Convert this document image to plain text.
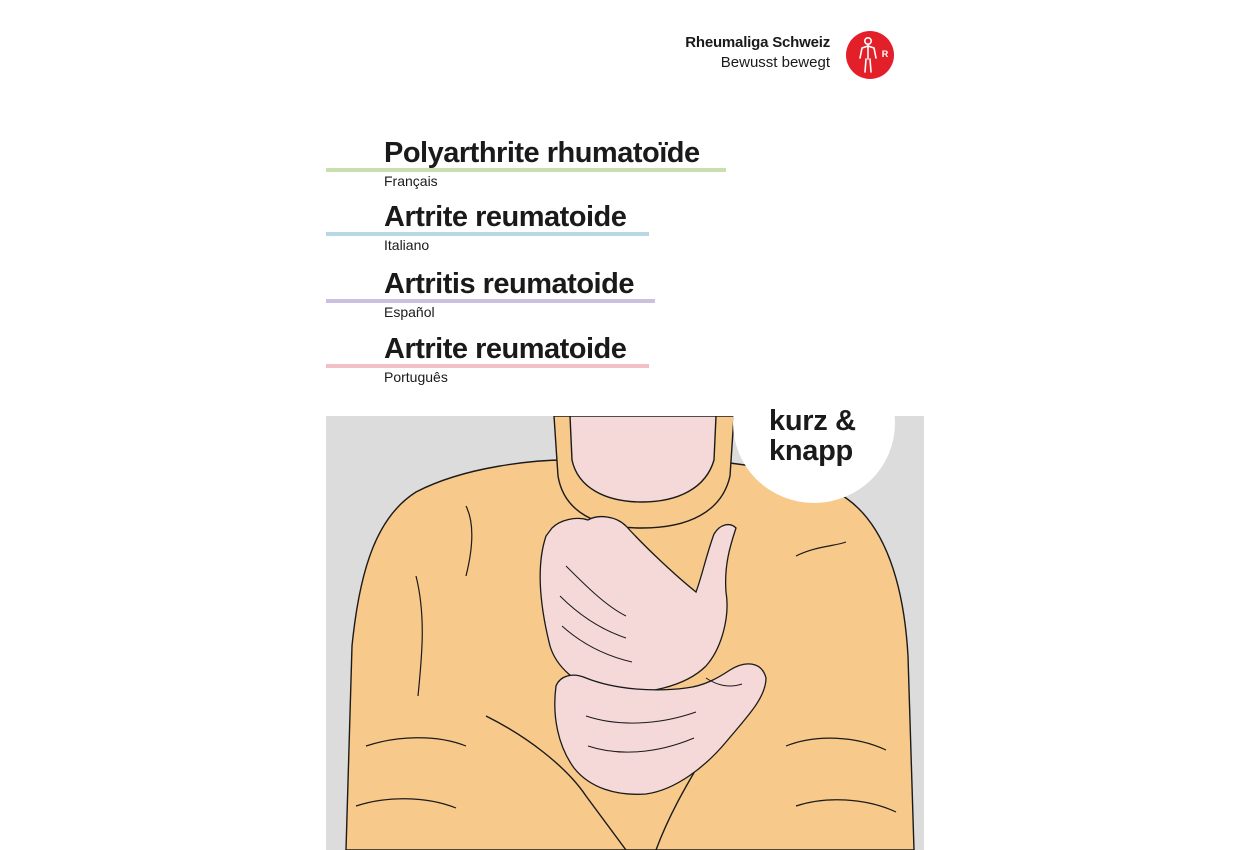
Rheumaliga Schweiz
Bewusst bewegt	R
Polyarthrite rhumatoïde
Français
Artrite reumatoide
Italiano
Artritis reumatoide
Español
Artrite reumatoide
Português
kurz &
knapp
